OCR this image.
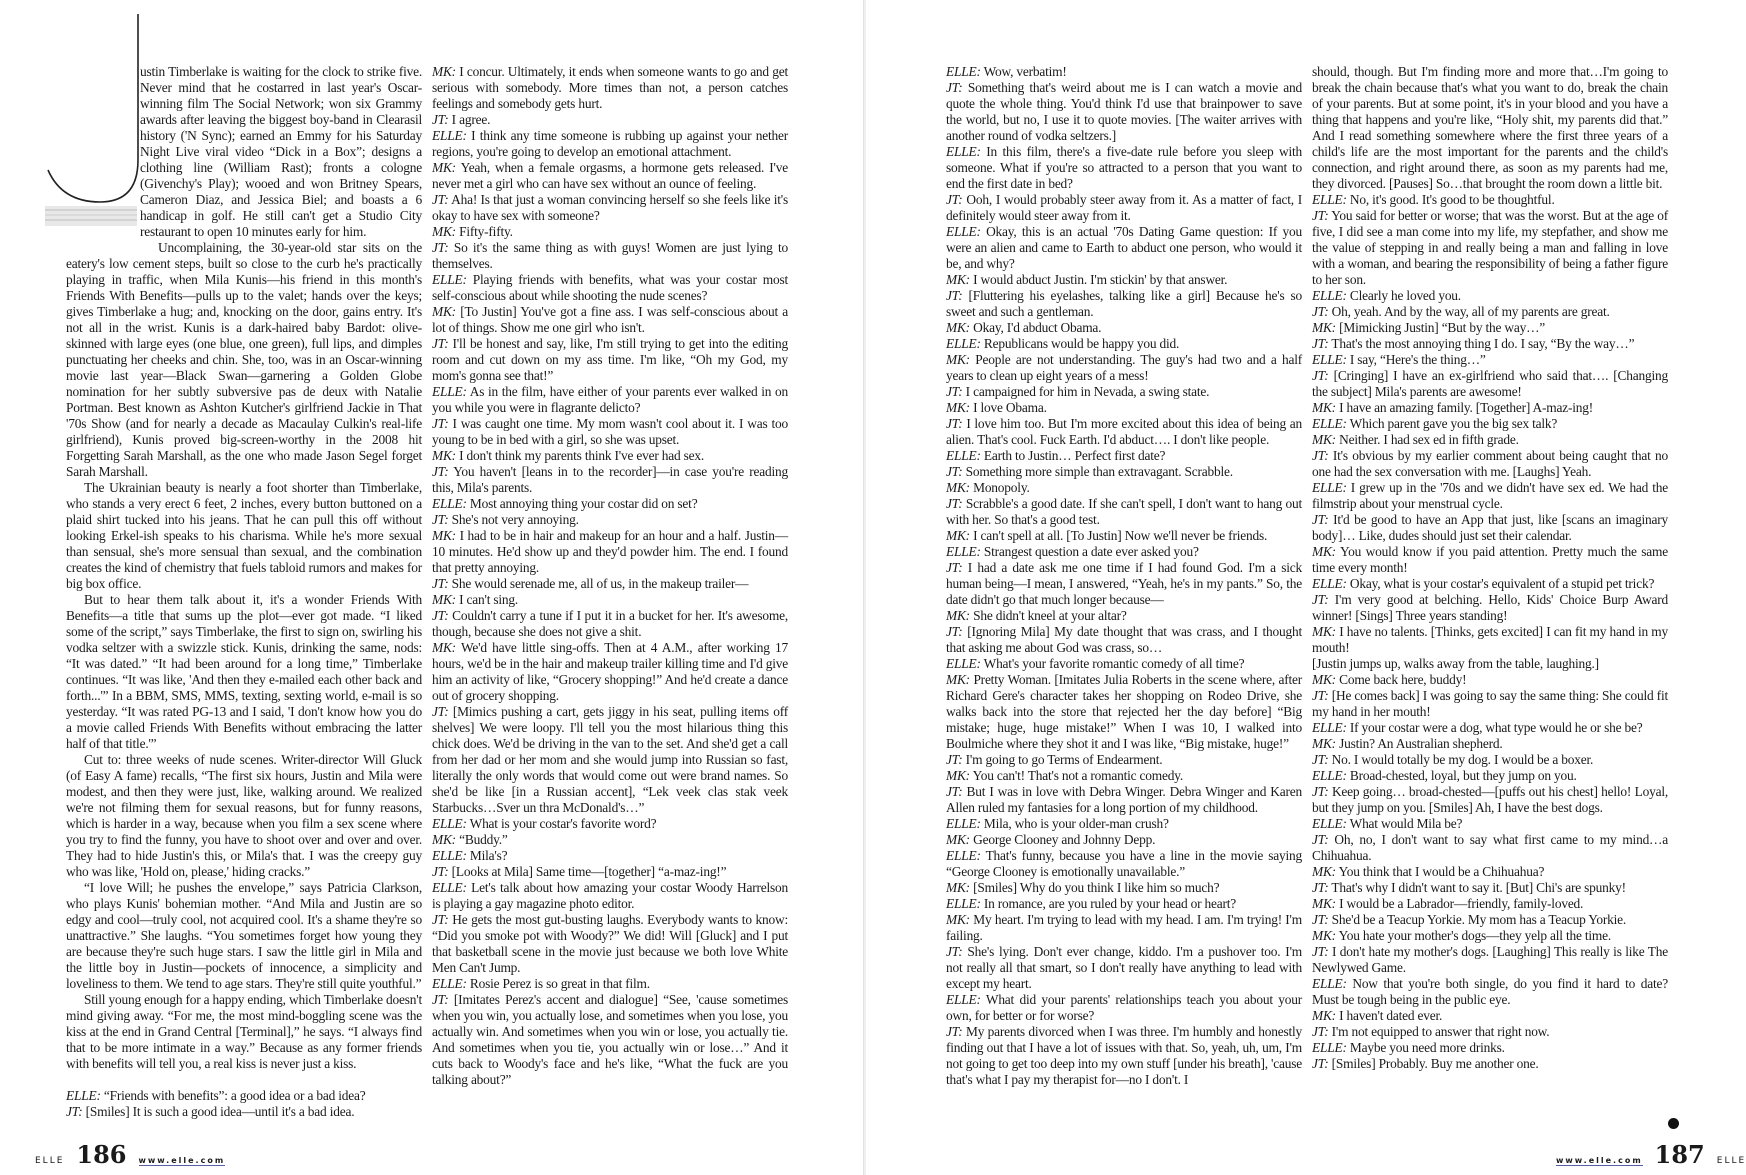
ustin Timberlake is waiting for the clock to strike five. Never mind that he costarred in last year's Oscar-winning film The Social Network; won six Grammy awards after leaving the biggest boy-band in Clearasil history ('N Sync); earned an Emmy for his Saturday Night Live viral video “Dick in a Box”; designs a clothing line (William Rast); fronts a cologne (Givenchy's Play); wooed and won Britney Spears, Cameron Diaz, and Jessica Biel; and boasts a 6 handicap in golf. He still can't get a Studio City restaurant to open 10 minutes early for him.

Uncomplaining, the 30-year-old star sits on the eatery's low cement steps, built so close to the curb he's practically playing in traffic, when Mila Kunis—his friend in this month's Friends With Benefits—pulls up to the valet; hands over the keys; gives Timberlake a hug; and, knocking on the door, gains entry. It's not all in the wrist. Kunis is a dark-haired baby Bardot: olive-skinned with large eyes (one blue, one green), full lips, and dimples punctuating her cheeks and chin. She, too, was in an Oscar-winning movie last year—Black Swan—garnering a Golden Globe nomination for her subtly subversive pas de deux with Natalie Portman. Best known as Ashton Kutcher's girlfriend Jackie in That '70s Show (and for nearly a decade as Macaulay Culkin's real-life girlfriend), Kunis proved big-screen-worthy in the 2008 hit Forgetting Sarah Marshall, as the one who made Jason Segel forget Sarah Marshall.

The Ukrainian beauty is nearly a foot shorter than Timberlake, who stands a very erect 6 feet, 2 inches, every button buttoned on a plaid shirt tucked into his jeans. That he can pull this off without looking Erkel-ish speaks to his charisma. While he's more sexual than sensual, she's more sensual than sexual, and the combination creates the kind of chemistry that fuels tabloid rumors and makes for big box office.

But to hear them talk about it, it's a wonder Friends With Benefits—a title that sums up the plot—ever got made. “I liked some of the script,” says Timberlake, the first to sign on, swirling his vodka seltzer with a swizzle stick. Kunis, drinking the same, nods: “It was dated.” “It had been around for a long time,” Timberlake continues. “It was like, 'And then they e-mailed each other back and forth...'” In a BBM, SMS, MMS, texting, sexting world, e-mail is so yesterday. “It was rated PG-13 and I said, 'I don't know how you do a movie called Friends With Benefits without embracing the latter half of that title.'”

Cut to: three weeks of nude scenes. Writer-director Will Gluck (of Easy A fame) recalls, “The first six hours, Justin and Mila were modest, and then they were just, like, walking around. We realized we're not filming them for sexual reasons, but for funny reasons, which is harder in a way, because when you film a sex scene where you try to find the funny, you have to shoot over and over and over. They had to hide Justin's this, or Mila's that. I was the creepy guy who was like, 'Hold on, please,' hiding cracks.”

“I love Will; he pushes the envelope,” says Patricia Clarkson, who plays Kunis' bohemian mother. “And Mila and Justin are so edgy and cool—truly cool, not acquired cool. It's a shame they're so unattractive.” She laughs. “You sometimes forget how young they are because they're such huge stars. I saw the little girl in Mila and the little boy in Justin—pockets of innocence, a simplicity and loveliness to them. We tend to age stars. They're still quite youthful.”

Still young enough for a happy ending, which Timberlake doesn't mind giving away. “For me, the most mind-boggling scene was the kiss at the end in Grand Central [Terminal],” he says. “I always find that to be more intimate in a way.” Because as any former friends with benefits will tell you, a real kiss is never just a kiss.

ELLE: “Friends with benefits”: a good idea or a bad idea?

JT: [Smiles] It is such a good idea—until it's a bad idea.

MK: I concur. Ultimately, it ends when someone wants to go and get serious with somebody. More times than not, a person catches feelings and somebody gets hurt.

JT: I agree.

ELLE: I think any time someone is rubbing up against your nether regions, you're going to develop an emotional attachment.

MK: Yeah, when a female orgasms, a hormone gets released. I've never met a girl who can have sex without an ounce of feeling.

JT: Aha! Is that just a woman convincing herself so she feels like it's okay to have sex with someone?

MK: Fifty-fifty.

JT: So it's the same thing as with guys! Women are just lying to themselves.

ELLE: Playing friends with benefits, what was your costar most self-conscious about while shooting the nude scenes?

MK: [To Justin] You've got a fine ass. I was self-conscious about a lot of things. Show me one girl who isn't.

JT: I'll be honest and say, like, I'm still trying to get into the editing room and cut down on my ass time. I'm like, “Oh my God, my mom's gonna see that!”

ELLE: As in the film, have either of your parents ever walked in on you while you were in flagrante delicto?

JT: I was caught one time. My mom wasn't cool about it. I was too young to be in bed with a girl, so she was upset.

MK: I don't think my parents think I've ever had sex.

JT: You haven't [leans in to the recorder]—in case you're reading this, Mila's parents.

ELLE: Most annoying thing your costar did on set?

JT: She's not very annoying.

MK: I had to be in hair and makeup for an hour and a half. Justin—10 minutes. He'd show up and they'd powder him. The end. I found that pretty annoying.

JT: She would serenade me, all of us, in the makeup trailer—

MK: I can't sing.

JT: Couldn't carry a tune if I put it in a bucket for her. It's awesome, though, because she does not give a shit.

MK: We'd have little sing-offs. Then at 4 A.M., after working 17 hours, we'd be in the hair and makeup trailer killing time and I'd give him an activity of like, “Grocery shopping!” And he'd create a dance out of grocery shopping.

JT: [Mimics pushing a cart, gets jiggy in his seat, pulling items off shelves] We were loopy. I'll tell you the most hilarious thing this chick does. We'd be driving in the van to the set. And she'd get a call from her dad or her mom and she would jump into Russian so fast, literally the only words that would come out were brand names. So she'd be like [in a Russian accent], “Lek veek clas stak veek Starbucks…Sver un thra McDonald's…”

ELLE: What is your costar's favorite word?

MK: “Buddy.”

ELLE: Mila's?

JT: [Looks at Mila] Same time—[together] “a-maz-ing!”

ELLE: Let's talk about how amazing your costar Woody Harrelson is playing a gay magazine photo editor.

JT: He gets the most gut-busting laughs. Everybody wants to know: “Did you smoke pot with Woody?” We did! Will [Gluck] and I put that basketball scene in the movie just because we both love White Men Can't Jump.

ELLE: Rosie Perez is so great in that film.

JT: [Imitates Perez's accent and dialogue] “See, 'cause sometimes when you win, you actually lose, and sometimes when you lose, you actually win. And sometimes when you win or lose, you actually tie. And sometimes when you tie, you actually win or lose…” And it cuts back to Woody's face and he's like, “What the fuck are you talking about?”

ELLE 186 www.elle.com

ELLE: Wow, verbatim!

JT: Something that's weird about me is I can watch a movie and quote the whole thing. You'd think I'd use that brainpower to save the world, but no, I use it to quote movies. [The waiter arrives with another round of vodka seltzers.]

ELLE: In this film, there's a five-date rule before you sleep with someone. What if you're so attracted to a person that you want to end the first date in bed?

JT: Ooh, I would probably steer away from it. As a matter of fact, I definitely would steer away from it.

ELLE: Okay, this is an actual '70s Dating Game question: If you were an alien and came to Earth to abduct one person, who would it be, and why?

MK: I would abduct Justin. I'm stickin' by that answer.

JT: [Fluttering his eyelashes, talking like a girl] Because he's so sweet and such a gentleman.

MK: Okay, I'd abduct Obama.

ELLE: Republicans would be happy you did.

MK: People are not understanding. The guy's had two and a half years to clean up eight years of a mess!

JT: I campaigned for him in Nevada, a swing state.

MK: I love Obama.

JT: I love him too. But I'm more excited about this idea of being an alien. That's cool. Fuck Earth. I'd abduct…. I don't like people.

ELLE: Earth to Justin… Perfect first date?

JT: Something more simple than extravagant. Scrabble.

MK: Monopoly.

JT: Scrabble's a good date. If she can't spell, I don't want to hang out with her. So that's a good test.

MK: I can't spell at all. [To Justin] Now we'll never be friends.

ELLE: Strangest question a date ever asked you?

JT: I had a date ask me one time if I had found God. I'm a sick human being—I mean, I answered, “Yeah, he's in my pants.” So, the date didn't go that much longer because—

MK: She didn't kneel at your altar?

JT: [Ignoring Mila] My date thought that was crass, and I thought that asking me about God was crass, so…

ELLE: What's your favorite romantic comedy of all time?

MK: Pretty Woman. [Imitates Julia Roberts in the scene where, after Richard Gere's character takes her shopping on Rodeo Drive, she walks back into the store that rejected her the day before] “Big mistake; huge, huge mistake!” When I was 10, I walked into Boulmiche where they shot it and I was like, “Big mistake, huge!”

JT: I'm going to go Terms of Endearment.

MK: You can't! That's not a romantic comedy.

JT: But I was in love with Debra Winger. Debra Winger and Karen Allen ruled my fantasies for a long portion of my childhood.

ELLE: Mila, who is your older-man crush?

MK: George Clooney and Johnny Depp.

ELLE: That's funny, because you have a line in the movie saying “George Clooney is emotionally unavailable.”

MK: [Smiles] Why do you think I like him so much?

ELLE: In romance, are you ruled by your head or heart?

MK: My heart. I'm trying to lead with my head. I am. I'm trying! I'm failing.

JT: She's lying. Don't ever change, kiddo. I'm a pushover too. I'm not really all that smart, so I don't really have anything to lead with except my heart.

ELLE: What did your parents' relationships teach you about your own, for better or for worse?

JT: My parents divorced when I was three. I'm humbly and honestly finding out that I have a lot of issues with that. So, yeah, uh, um, I'm not going to get too deep into my own stuff [under his breath], 'cause that's what I pay my therapist for—no I don't. I

should, though. But I'm finding more and more that…I'm going to break the chain because that's what you want to do, break the chain of your parents. But at some point, it's in your blood and you have a thing that happens and you're like, “Holy shit, my parents did that.” And I read something somewhere where the first three years of a child's life are the most important for the parents and the child's connection, and right around there, as soon as my parents had me, they divorced. [Pauses] So…that brought the room down a little bit.

ELLE: No, it's good. It's good to be thoughtful.

JT: You said for better or worse; that was the worst. But at the age of five, I did see a man come into my life, my stepfather, and show me the value of stepping in and really being a man and falling in love with a woman, and bearing the responsibility of being a father figure to her son.

ELLE: Clearly he loved you.

JT: Oh, yeah. And by the way, all of my parents are great.

MK: [Mimicking Justin] “But by the way…”

JT: That's the most annoying thing I do. I say, “By the way…”

ELLE: I say, “Here's the thing…”

JT: [Cringing] I have an ex-girlfriend who said that…. [Changing the subject] Mila's parents are awesome!

MK: I have an amazing family. [Together] A-maz-ing!

ELLE: Which parent gave you the big sex talk?

MK: Neither. I had sex ed in fifth grade.

JT: It's obvious by my earlier comment about being caught that no one had the sex conversation with me. [Laughs] Yeah.

ELLE: I grew up in the '70s and we didn't have sex ed. We had the filmstrip about your menstrual cycle.

JT: It'd be good to have an App that just, like [scans an imaginary body]… Like, dudes should just set their calendar.

MK: You would know if you paid attention. Pretty much the same time every month!

ELLE: Okay, what is your costar's equivalent of a stupid pet trick?

JT: I'm very good at belching. Hello, Kids' Choice Burp Award winner! [Sings] Three years standing!

MK: I have no talents. [Thinks, gets excited] I can fit my hand in my mouth!

[Justin jumps up, walks away from the table, laughing.]

MK: Come back here, buddy!

JT: [He comes back] I was going to say the same thing: She could fit my hand in her mouth!

ELLE: If your costar were a dog, what type would he or she be?

MK: Justin? An Australian shepherd.

JT: No. I would totally be my dog. I would be a boxer.

ELLE: Broad-chested, loyal, but they jump on you.

JT: Keep going… broad-chested—[puffs out his chest] hello! Loyal, but they jump on you. [Smiles] Ah, I have the best dogs.

ELLE: What would Mila be?

JT: Oh, no, I don't want to say what first came to my mind…a Chihuahua.

MK: You think that I would be a Chihuahua?

JT: That's why I didn't want to say it. [But] Chi's are spunky!

MK: I would be a Labrador—friendly, family-loved.

JT: She'd be a Teacup Yorkie. My mom has a Teacup Yorkie.

MK: You hate your mother's dogs—they yelp all the time.

JT: I don't hate my mother's dogs. [Laughing] This really is like The Newlywed Game.

ELLE: Now that you're both single, do you find it hard to date? Must be tough being in the public eye.

MK: I haven't dated ever.

JT: I'm not equipped to answer that right now.

ELLE: Maybe you need more drinks.

JT: [Smiles] Probably. Buy me another one.

www.elle.com 187 ELLE
